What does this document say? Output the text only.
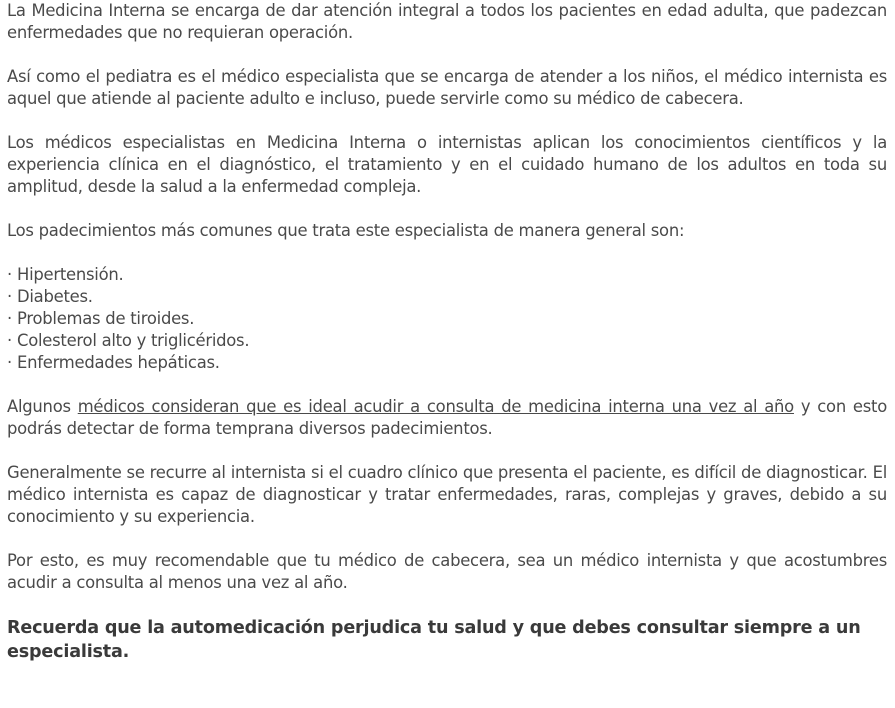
La Medicina Interna se encarga de dar atención integral a todos los pacientes en edad adulta, que padezcan enfermedades que no requieran operación.

Así como el pediatra es el médico especialista que se encarga de atender a los niños, el médico internista es aquel que atiende al paciente adulto e incluso, puede servirle como su médico de cabecera.

Los médicos especialistas en Medicina Interna o internistas aplican los conocimientos científicos y la experiencia clínica en el diagnóstico, el tratamiento y en el cuidado humano de los adultos en toda su amplitud, desde la salud a la enfermedad compleja.

Los padecimientos más comunes que trata este especialista de manera general son:

· Hipertensión.
· Diabetes.
· Problemas de tiroides.
· Colesterol alto y triglicéridos.
· Enfermedades hepáticas.

Algunos médicos consideran que es ideal acudir a consulta de medicina interna una vez al año y con esto podrás detectar de forma temprana diversos padecimientos.

Generalmente se recurre al internista si el cuadro clínico que presenta el paciente, es difícil de diagnosticar. El médico internista es capaz de diagnosticar y tratar enfermedades, raras, complejas y graves, debido a su conocimiento y su experiencia.

Por esto, es muy recomendable que tu médico de cabecera, sea un médico internista y que acostumbres acudir a consulta al menos una vez al año.

Recuerda que la automedicación perjudica tu salud y que debes consultar siempre a un especialista.
